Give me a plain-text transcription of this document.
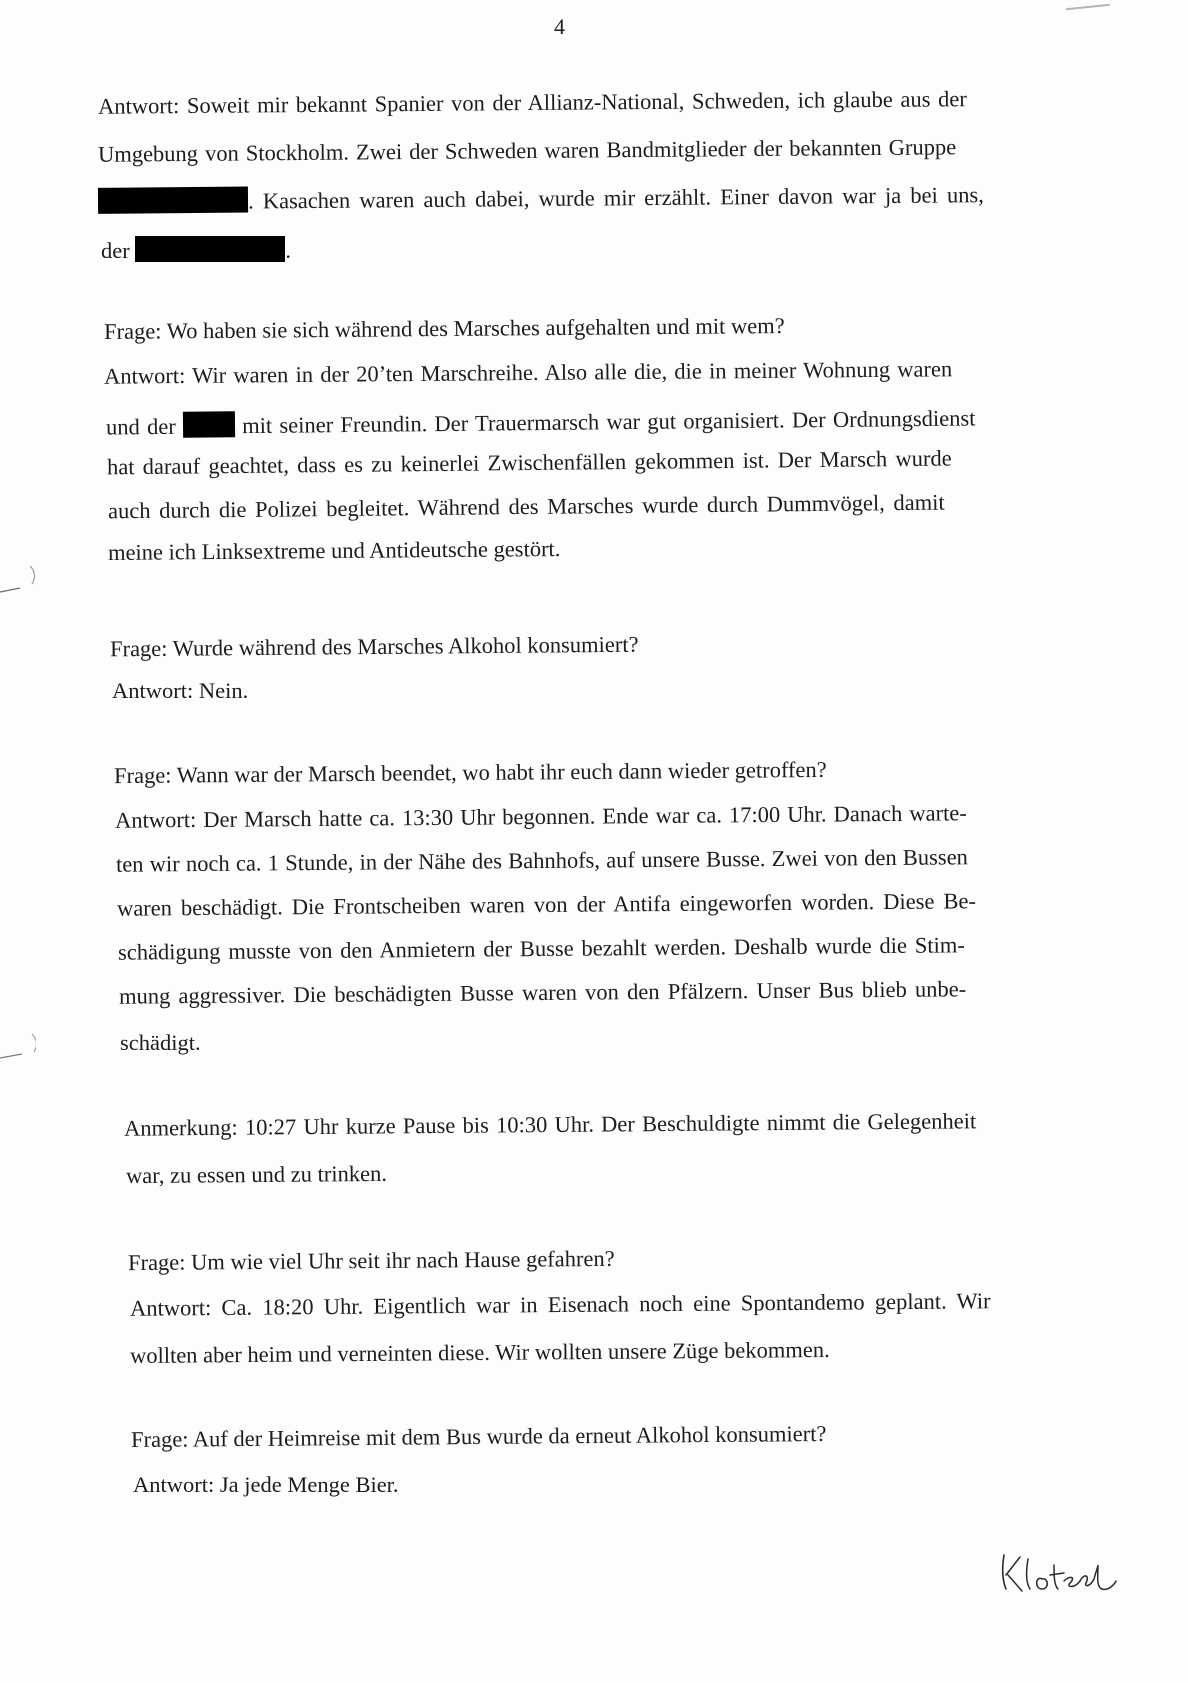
4
Antwort: Soweit mir bekannt Spanier von der Allianz-National, Schweden, ich glaube aus der
Umgebung von Stockholm. Zwei der Schweden waren Bandmitglieder der bekannten Gruppe
. Kasachen waren auch dabei, wurde mir erzählt. Einer davon war ja bei uns,
der	.
Frage: Wo haben sie sich während des Marsches aufgehalten und mit wem?
Antwort: Wir waren in der 20’ten Marschreihe. Also alle die, die in meiner Wohnung waren
und der	mit seiner Freundin. Der Trauermarsch war gut organisiert. Der Ordnungsdienst
hat darauf geachtet, dass es zu keinerlei Zwischenfällen gekommen ist. Der Marsch wurde
auch durch die Polizei begleitet. Während des Marsches wurde durch Dummvögel, damit
meine ich Linksextreme und Antideutsche gestört.
Frage: Wurde während des Marsches Alkohol konsumiert?
Antwort: Nein.
Frage: Wann war der Marsch beendet, wo habt ihr euch dann wieder getroffen?
Antwort: Der Marsch hatte ca. 13:30 Uhr begonnen. Ende war ca. 17:00 Uhr. Danach warte-
ten wir noch ca. 1 Stunde, in der Nähe des Bahnhofs, auf unsere Busse. Zwei von den Bussen
waren beschädigt. Die Frontscheiben waren von der Antifa eingeworfen worden. Diese Be-
schädigung musste von den Anmietern der Busse bezahlt werden. Deshalb wurde die Stim-
mung aggressiver. Die beschädigten Busse waren von den Pfälzern. Unser Bus blieb unbe-
schädigt.
Anmerkung: 10:27 Uhr kurze Pause bis 10:30 Uhr. Der Beschuldigte nimmt die Gelegenheit
war, zu essen und zu trinken.
Frage: Um wie viel Uhr seit ihr nach Hause gefahren?
Antwort: Ca. 18:20 Uhr. Eigentlich war in Eisenach noch eine Spontandemo geplant. Wir
wollten aber heim und verneinten diese. Wir wollten unsere Züge bekommen.
Frage: Auf der Heimreise mit dem Bus wurde da erneut Alkohol konsumiert?
Antwort: Ja jede Menge Bier.
